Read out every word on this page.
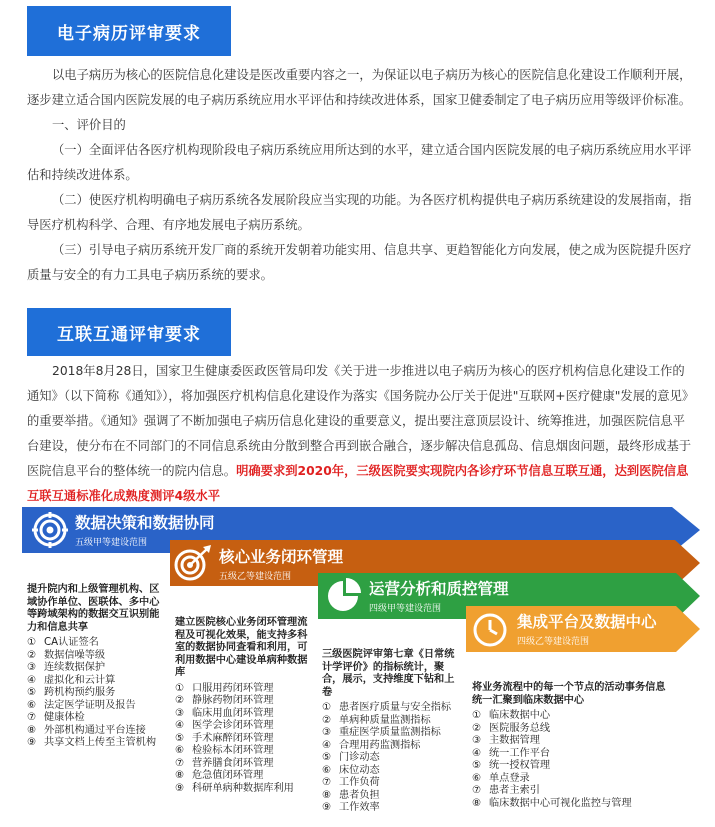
电子病历评审要求

以电子病历为核心的医院信息化建设是医改重要内容之一，为保证以电子病历为核心的医院信息化建设工作顺利开展，逐步建立适合国内医院发展的电子病历系统应用水平评估和持续改进体系，国家卫健委制定了电子病历应用等级评价标准。

一、评价目的

（一）全面评估各医疗机构现阶段电子病历系统应用所达到的水平，建立适合国内医院发展的电子病历系统应用水平评估和持续改进体系。

（二）使医疗机构明确电子病历系统各发展阶段应当实现的功能。为各医疗机构提供电子病历系统建设的发展指南，指导医疗机构科学、合理、有序地发展电子病历系统。

（三）引导电子病历系统开发厂商的系统开发朝着功能实用、信息共享、更趋智能化方向发展，使之成为医院提升医疗质量与安全的有力工具电子病历系统的要求。

互联互通评审要求

2018年8月28日，国家卫生健康委医政医管局印发《关于进一步推进以电子病历为核心的医疗机构信息化建设工作的通知》（以下简称《通知》），将加强医疗机构信息化建设作为落实《国务院办公厅关于促进"互联网+医疗健康"发展的意见》的重要举措。《通知》强调了不断加强电子病历信息化建设的重要意义，提出要注意顶层设计、统筹推进，加强医院信息平台建设，使分布在不同部门的不同信息系统由分散到整合再到嵌合融合，逐步解决信息孤岛、信息烟囱问题，最终形成基于医院信息平台的整体统一的院内信息。明确要求到2020年，三级医院要实现院内各诊疗环节信息互联互通，达到医院信息互联互通标准化成熟度测评4级水平

数据决策和数据协同
五级甲等建设范围
核心业务闭环管理
五级乙等建设范围
运营分析和质控管理
四级甲等建设范围
集成平台及数据中心
四级乙等建设范围
提升院内和上级管理机构、区域协作单位、医联体、多中心等跨域架构的数据交互识别能力和信息共享
① CA认证签名
② 数据信噪等级
③ 连续数据保护
④ 虚拟化和云计算
⑤ 跨机构预约服务
⑥ 法定医学证明及报告
⑦ 健康体检
⑧ 外部机构通过平台连接
⑨ 共享文档上传至主管机构
建立医院核心业务闭环管理流程及可视化效果，能支持多科室的数据协同查看和利用，可利用数据中心建设单病种数据库
① 口服用药闭环管理
② 静脉药物闭环管理
③ 临床用血闭环管理
④ 医学会诊闭环管理
⑤ 手术麻醉闭环管理
⑥ 检验标本闭环管理
⑦ 营养膳食闭环管理
⑧ 危急值闭环管理
⑨ 科研单病种数据库利用
三级医院评审第七章《日常统计学评价》的指标统计，聚合，展示，支持维度下钻和上卷
① 患者医疗质量与安全指标
② 单病种质量监测指标
③ 重症医学质量监测指标
④ 合理用药监测指标
⑤ 门诊动态
⑥ 床位动态
⑦ 工作负荷
⑧ 患者负担
⑨ 工作效率
将业务流程中的每一个节点的活动事务信息统一汇聚到临床数据中心
① 临床数据中心
② 医院服务总线
③ 主数据管理
④ 统一工作平台
⑤ 统一授权管理
⑥ 单点登录
⑦ 患者主索引
⑧ 临床数据中心可视化监控与管理
